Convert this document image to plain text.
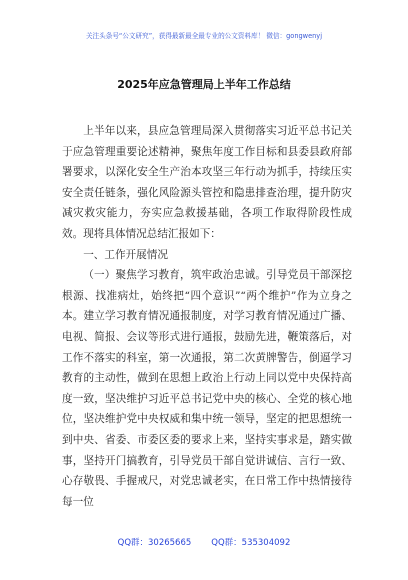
关注头条号“公文研究”，获得最新最全最专业的公文资料库！ 微信：gongwenyj
2025年应急管理局上半年工作总结

上半年以来，县应急管理局深入贯彻落实习近平总书记关于应急管理重要论述精神，聚焦年度工作目标和县委县政府部署要求，以深化安全生产治本攻坚三年行动为抓手，持续压实安全责任链条，强化风险源头管控和隐患排查治理，提升防灾减灾救灾能力，夯实应急救援基础，各项工作取得阶段性成效。现将具体情况总结汇报如下：

一、工作开展情况

（一）聚焦学习教育，筑牢政治忠诚。引导党员干部深挖根源、找准病灶，始终把“四个意识”“两个维护”作为立身之本。建立学习教育情况通报制度，对学习教育情况通过广播、电视、简报、会议等形式进行通报，鼓励先进，鞭策落后，对工作不落实的科室，第一次通报，第二次黄牌警告，倒逼学习教育的主动性，做到在思想上政治上行动上同以党中央保持高度一致，坚决维护习近平总书记党中央的核心、全党的核心地位，坚决维护党中央权威和集中统一领导，坚定的把思想统一到中央、省委、市委区委的要求上来，坚持实事求是，踏实做事，坚持开门搞教育，引导党员干部自觉讲诚信、言行一致、心存敬畏、手握戒尺，对党忠诚老实，在日常工作中热情接待每一位

QQ群：30265665 QQ群：535304092
